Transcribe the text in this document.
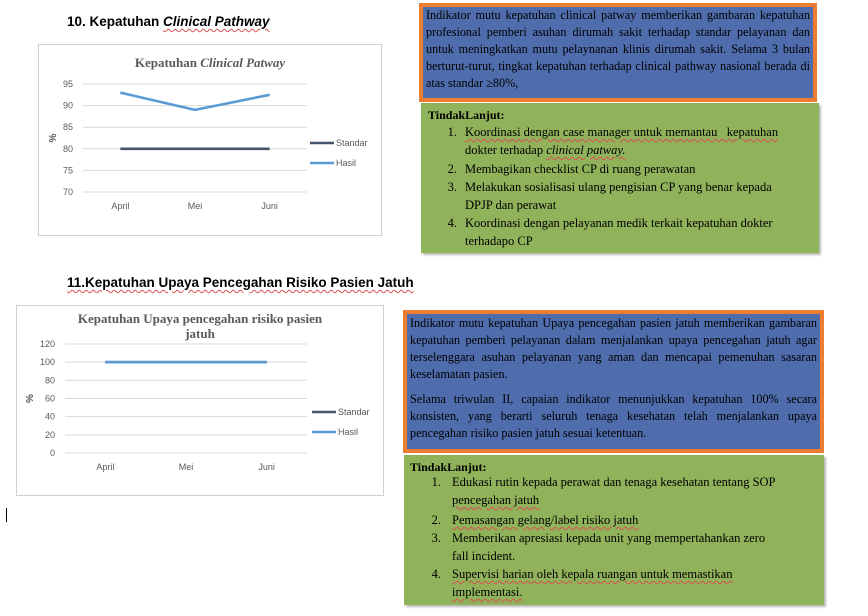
10. Kepatuhan Clinical Pathway
Kepatuhan Clinical Patway
70
75
80
85
90
95
%
April	Mei	Juni
Standar
Hasil

Indikator mutu kepatuhan clinical patway memberikan gambaran kepatuhan profesional pemberi asuhan dirumah sakit terhadap standar pelayanan dan untuk meningkatkan mutu pelaynanan klinis dirumah sakit. Selama 3 bulan berturut-turut, tingkat kepatuhan terhadap clinical pathway nasional berada di atas standar ≥80%,

TindakLanjut:
1. Koordinasi dengan case manager untuk memantau   kepatuhan
dokter terhadap clinical patway.
2. Membagikan checklist CP di ruang perawatan
3. Melakukan sosialisasi ulang pengisian CP yang benar kepada
DPJP dan perawat
4. Koordinasi dengan pelayanan medik terkait kepatuhan dokter
terhadapo CP
11.Kepatuhan Upaya Pencegahan Risiko Pasien Jatuh
Kepatuhan Upaya pencegahan risiko pasien
jatuh
0
20
40
60
80
100
120
%
April	Mei	Juni
Standar
Hasil

Indikator mutu kepatuhan Upaya pencegahan pasien jatuh memberikan gambaran kepatuhan pemberi pelayanan dalam menjalankan upaya pencegahan jatuh agar terselenggara asuhan pelayanan yang aman dan mencapai pemenuhan sasaran keselamatan pasien.

Selama triwulan II, capaian indikator menunjukkan kepatuhan 100% secara konsisten, yang berarti seluruh tenaga kesehatan telah menjalankan upaya pencegahan risiko pasien jatuh sesuai ketentuan.

TindakLanjut:
1. Edukasi rutin kepada perawat dan tenaga kesehatan tentang SOP
pencegahan jatuh
2. Pemasangan gelang/label risiko jatuh
3. Memberikan apresiasi kepada unit yang mempertahankan zero
fall incident.
4. Supervisi harian oleh kepala ruangan untuk memastikan
implementasi.
